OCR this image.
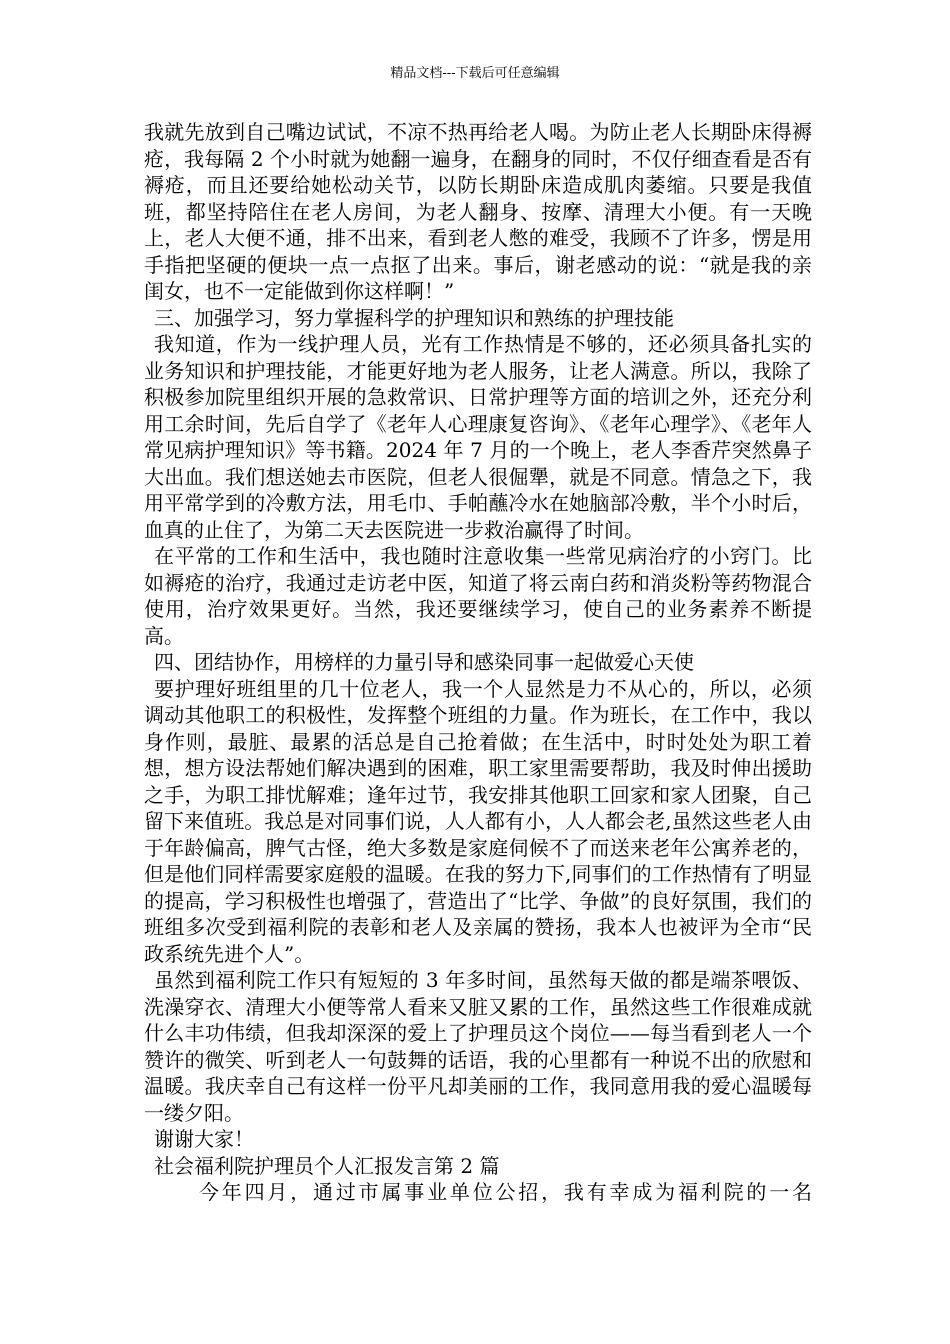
精品文档---下载后可任意编辑

我就先放到自己嘴边试试，不凉不热再给老人喝。为防止老人长期卧床得褥疮，我每隔 2 个小时就为她翻一遍身，在翻身的同时，不仅仔细查看是否有褥疮，而且还要给她松动关节，以防长期卧床造成肌肉萎缩。只要是我值班，都坚持陪住在老人房间，为老人翻身、按摩、清理大小便。有一天晚上，老人大便不通，排不出来，看到老人憋的难受，我顾不了许多，愣是用手指把坚硬的便块一点一点抠了出来。事后，谢老感动的说：“就是我的亲闺女，也不一定能做到你这样啊！”

三、加强学习，努力掌握科学的护理知识和熟练的护理技能

我知道，作为一线护理人员，光有工作热情是不够的，还必须具备扎实的业务知识和护理技能，才能更好地为老人服务，让老人满意。所以，我除了积极参加院里组织开展的急救常识、日常护理等方面的培训之外，还充分利用工余时间，先后自学了《老年人心理康复咨询》、《老年心理学》、《老年人常见病护理知识》等书籍。2024 年 7 月的一个晚上，老人李香芹突然鼻子大出血。我们想送她去市医院，但老人很倔犟，就是不同意。情急之下，我用平常学到的冷敷方法，用毛巾、手帕蘸冷水在她脑部冷敷，半个小时后，血真的止住了，为第二天去医院进一步救治赢得了时间。

在平常的工作和生活中，我也随时注意收集一些常见病治疗的小窍门。比如褥疮的治疗，我通过走访老中医，知道了将云南白药和消炎粉等药物混合使用，治疗效果更好。当然，我还要继续学习，使自己的业务素养不断提高。

四、团结协作，用榜样的力量引导和感染同事一起做爱心天使

要护理好班组里的几十位老人，我一个人显然是力不从心的，所以，必须调动其他职工的积极性，发挥整个班组的力量。作为班长，在工作中，我以身作则，最脏、最累的活总是自己抢着做；在生活中，时时处处为职工着想，想方设法帮她们解决遇到的困难，职工家里需要帮助，我及时伸出援助之手，为职工排忧解难；逢年过节，我安排其他职工回家和家人团聚，自己留下来值班。我总是对同事们说，人人都有小，人人都会老,虽然这些老人由于年龄偏高，脾气古怪，绝大多数是家庭伺候不了而送来老年公寓养老的，但是他们同样需要家庭般的温暖。在我的努力下,同事们的工作热情有了明显的提高，学习积极性也增强了，营造出了“比学、争做”的良好氛围，我们的班组多次受到福利院的表彰和老人及亲属的赞扬，我本人也被评为全市“民政系统先进个人”。

虽然到福利院工作只有短短的 3 年多时间，虽然每天做的都是端茶喂饭、洗澡穿衣、清理大小便等常人看来又脏又累的工作，虽然这些工作很难成就什么丰功伟绩，但我却深深的爱上了护理员这个岗位——每当看到老人一个赞许的微笑、听到老人一句鼓舞的话语，我的心里都有一种说不出的欣慰和温暖。我庆幸自己有这样一份平凡却美丽的工作，我同意用我的爱心温暖每一缕夕阳。

谢谢大家！

社会福利院护理员个人汇报发言第 2 篇

今年四月，通过市属事业单位公招，我有幸成为福利院的一名
